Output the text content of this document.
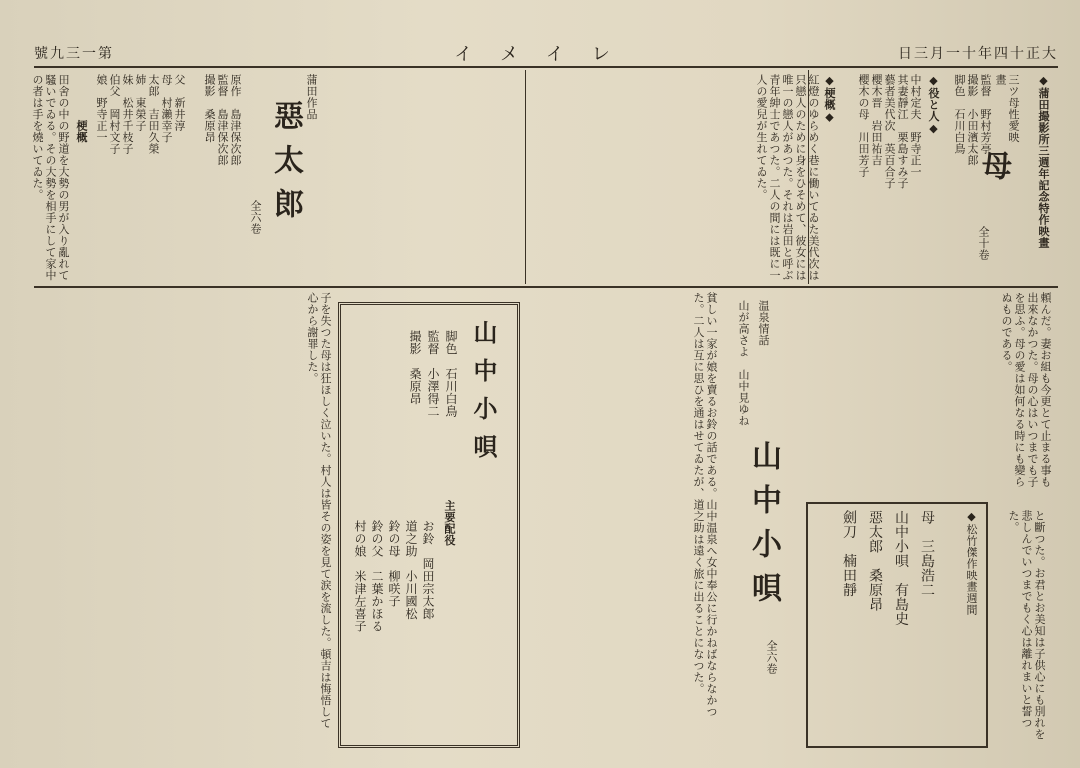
號九三一第	イメイレ	日三月一十年四十正大
◆蒲田撮影所三週年記念特作映畫
三ツ母性愛映畫
母
監督　野村芳亭
撮影　小田濱太郎
脚色　石川白鳥
全十卷
◆役と人◆
中村定夫　野寺正一
其妻靜江　栗島すみ子
藝者美代次　英百合子
櫻木晋　岩田祐吉
櫻木の母　川田芳子
◆梗概◆
紅燈のゆらめく巷に働いてゐた美代次は只戀人のために身をひそめて、彼女には唯一の戀人があつた。それは岩田と呼ぶ青年紳士であつた。二人の間には既に一人の愛兒が生れてゐた。
蒲田作品
惡太郎
全六卷
原作　島津保次郎
監督　島津保次郎
撮影　桑原昂
父　新井淳
母　村瀨幸子
太郎　吉田久榮
姉　東榮子
妹　松井千枝子
伯父　岡村文子
娘　野寺正一
梗概
田舍の中の野道を大勢の男が入り亂れて騷いでゐる。その大勢を相手にして家中の者は手を燒いてゐた。
頼んだ。妻お組も今更とて止まる事も出來なかつた。母の心はいつまでも子を思ふ。母の愛は如何なる時にも變らぬものである。
◆松竹傑作映畫週間
母　三島浩二
山中小唄　有島史
惡太郎　桑原昂
劍刀　楠田靜	と斷つた。お君とお美知は子供心にも別れを悲しんでいつまでもく心は離れまいと誓つた。
温泉情話
山中小唄
全六卷
山が高さよ　山中見ゆね
貧しい一家が娘を賣るお鈴の話である。山中温泉へ女中奉公に行かねばならなかつた。二人は互に思ひを通はせてゐたが、道之助は遠く旅に出ることになつた。
山中小唄
脚色　石川白鳥
監督　小澤得二
撮影　桑原昂
主要配役
お鈴　岡田宗太郎
道之助　小川國松
鈴の母　柳咲子
鈴の父　二葉かほる
村の娘　米津左喜子
子を失つた母は狂ほしく泣いた。村人は皆その姿を見て涙を流した。頓吉は悔悟して心から謝罪した。
